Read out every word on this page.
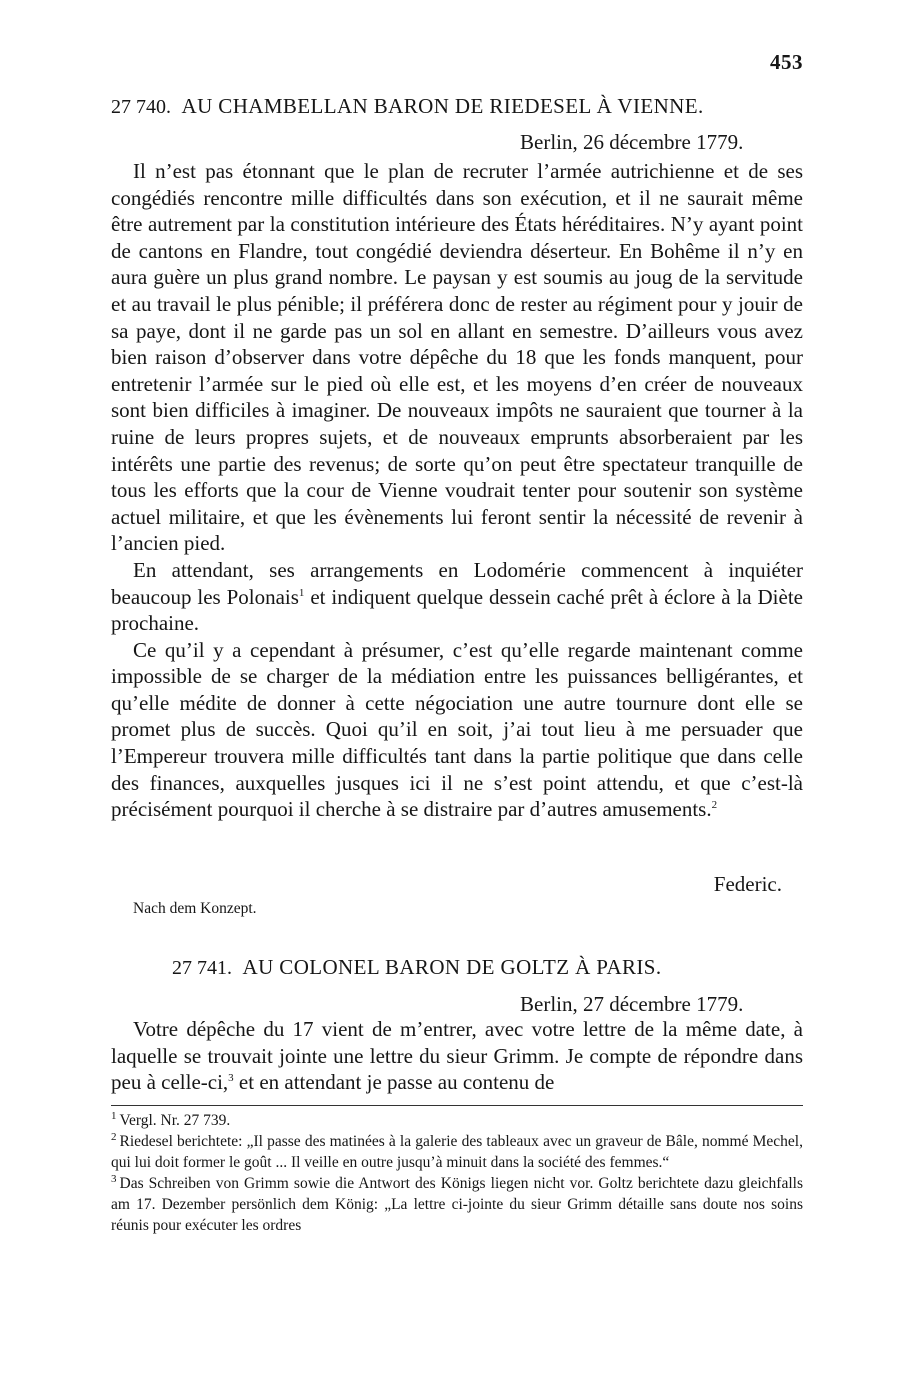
453
27 740. AU CHAMBELLAN BARON DE RIEDESEL À VIENNE.
Berlin, 26 décembre 1779.

Il n’est pas étonnant que le plan de recruter l’armée autrichienne et de ses congédiés rencontre mille difficultés dans son exécution, et il ne saurait même être autrement par la constitution intérieure des États héréditaires. N’y ayant point de cantons en Flandre, tout congédié deviendra déserteur. En Bohême il n’y en aura guère un plus grand nombre. Le paysan y est soumis au joug de la servitude et au travail le plus pénible; il préférera donc de rester au régiment pour y jouir de sa paye, dont il ne garde pas un sol en allant en semestre. D’ailleurs vous avez bien raison d’observer dans votre dépêche du 18 que les fonds manquent, pour entretenir l’armée sur le pied où elle est, et les moyens d’en créer de nouveaux sont bien difficiles à imaginer. De nouveaux impôts ne sauraient que tourner à la ruine de leurs propres sujets, et de nouveaux emprunts absorberaient par les intérêts une partie des revenus; de sorte qu’on peut être spectateur tranquille de tous les efforts que la cour de Vienne voudrait tenter pour soutenir son système actuel militaire, et que les évènements lui feront sentir la nécessité de revenir à l’ancien pied.

En attendant, ses arrangements en Lodomérie commencent à inquiéter beaucoup les Polonais$^1$ et indiquent quelque dessein caché prêt à éclore à la Diète prochaine.

Ce qu’il y a cependant à présumer, c’est qu’elle regarde maintenant comme impossible de se charger de la médiation entre les puissances belligérantes, et qu’elle médite de donner à cette négociation une autre tournure dont elle se promet plus de succès. Quoi qu’il en soit, j’ai tout lieu à me persuader que l’Empereur trouvera mille difficultés tant dans la partie politique que dans celle des finances, auxquelles jusques ici il ne s’est point attendu, et que c’est-là précisément pourquoi il cherche à se distraire par d’autres amusements.$^2$

Federic.
Nach dem Konzept.
27 741. AU COLONEL BARON DE GOLTZ À PARIS.
Berlin, 27 décembre 1779.

Votre dépêche du 17 vient de m’entrer, avec votre lettre de la même date, à laquelle se trouvait jointe une lettre du sieur Grimm. Je compte de répondre dans peu à celle-ci,$^3$ et en attendant je passe au contenu de

$^1$ Vergl. Nr. 27 739.

$^2$ Riedesel berichtete: „Il passe des matinées à la galerie des tableaux avec un graveur de Bâle, nommé Mechel, qui lui doit former le goût ... Il veille en outre jusqu’à minuit dans la société des femmes.“

$^3$ Das Schreiben von Grimm sowie die Antwort des Königs liegen nicht vor. Goltz berichtete dazu gleichfalls am 17. Dezember persönlich dem König: „La lettre ci-jointe du sieur Grimm détaille sans doute nos soins réunis pour exécuter les ordres
